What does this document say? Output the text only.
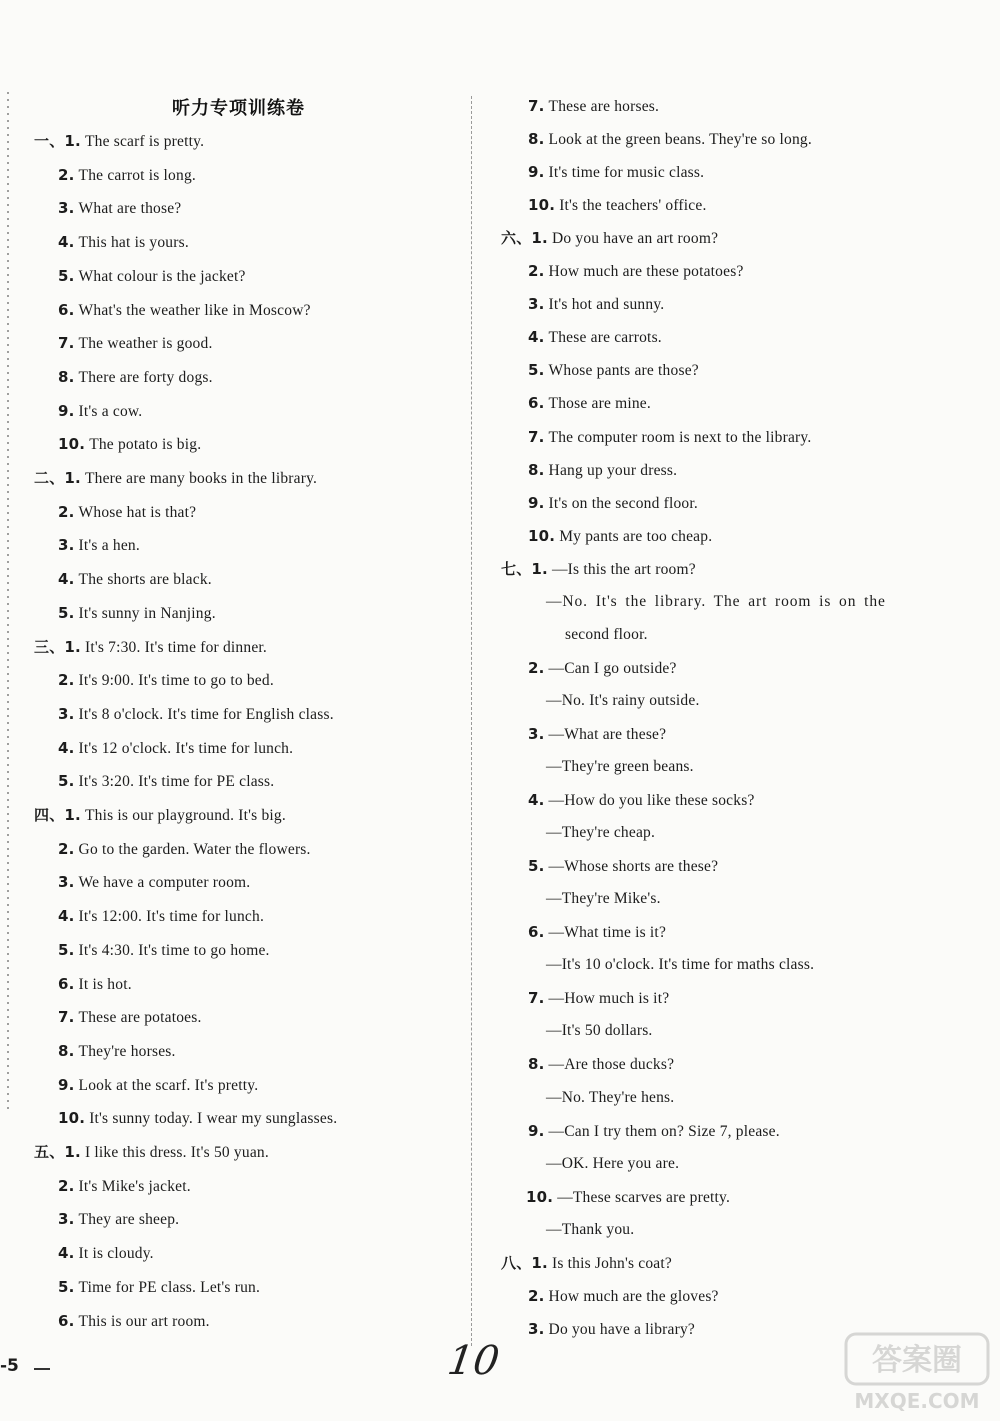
听力专项训练卷
一、1. The scarf is pretty.
2. The carrot is long.
3. What are those?
4. This hat is yours.
5. What colour is the jacket?
6. What's the weather like in Moscow?
7. The weather is good.
8. There are forty dogs.
9. It's a cow.
10. The potato is big.
二、1. There are many books in the library.
2. Whose hat is that?
3. It's a hen.
4. The shorts are black.
5. It's sunny in Nanjing.
三、1. It's 7:30. It's time for dinner.
2. It's 9:00. It's time to go to bed.
3. It's 8 o'clock. It's time for English class.
4. It's 12 o'clock. It's time for lunch.
5. It's 3:20. It's time for PE class.
四、1. This is our playground. It's big.
2. Go to the garden. Water the flowers.
3. We have a computer room.
4. It's 12:00. It's time for lunch.
5. It's 4:30. It's time to go home.
6. It is hot.
7. These are potatoes.
8. They're horses.
9. Look at the scarf. It's pretty.
10. It's sunny today. I wear my sunglasses.
五、1. I like this dress. It's 50 yuan.
2. It's Mike's jacket.
3. They are sheep.
4. It is cloudy.
5. Time for PE class. Let's run.
6. This is our art room.
7. These are horses.
8. Look at the green beans. They're so long.
9. It's time for music class.
10. It's the teachers' office.
六、1. Do you have an art room?
2. How much are these potatoes?
3. It's hot and sunny.
4. These are carrots.
5. Whose pants are those?
6. Those are mine.
7. The computer room is next to the library.
8. Hang up your dress.
9. It's on the second floor.
10. My pants are too cheap.
七、1. —Is this the art room?
—No. It's the library. The art room is on the
second floor.
2. —Can I go outside?
—No. It's rainy outside.
3. —What are these?
—They're green beans.
4. —How do you like these socks?
—They're cheap.
5. —Whose shorts are these?
—They're Mike's.
6. —What time is it?
—It's 10 o'clock. It's time for maths class.
7. —How much is it?
—It's 50 dollars.
8. —Are those ducks?
—No. They're hens.
9. —Can I try them on? Size 7, please.
—OK. Here you are.
10. —These scarves are pretty.
—Thank you.
八、1. Is this John's coat?
2. How much are the gloves?
3. Do you have a library?
-5	10	答案圈
MXQE.COM
